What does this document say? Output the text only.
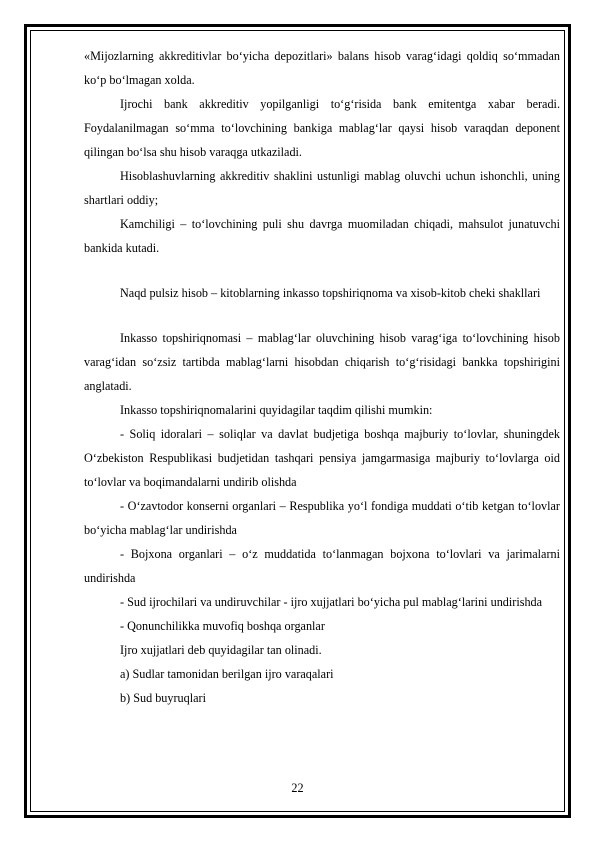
«Mijozlarning akkreditivlar bo‘yicha depozitlari» balans hisob varag‘idagi qoldiq so‘mmadan ko‘p bo‘lmagan xolda.

Ijrochi bank akkreditiv yopilganligi to‘g‘risida bank emitentga xabar beradi. Foydalanilmagan so‘mma to‘lovchining bankiga mablag‘lar qaysi hisob varaqdan deponent qilingan bo‘lsa shu hisob varaqga utkaziladi.

Hisoblashuvlarning akkreditiv shaklini ustunligi mablag oluvchi uchun ishonchli, uning shartlari oddiy;

Kamchiligi – to‘lovchining puli shu davrga muomiladan chiqadi, mahsulot junatuvchi bankida kutadi.

Naqd pulsiz hisob – kitoblarning inkasso topshiriqnoma va xisob-kitob cheki shakllari

Inkasso topshiriqnomasi – mablag‘lar oluvchining hisob varag‘iga to‘lovchining hisob varag‘idan so‘zsiz tartibda mablag‘larni hisobdan chiqarish to‘g‘risidagi bankka topshirigini anglatadi.

Inkasso topshiriqnomalarini quyidagilar taqdim qilishi mumkin:

- Soliq idoralari – soliqlar va davlat budjetiga boshqa majburiy to‘lovlar, shuningdek O‘zbekiston Respublikasi budjetidan tashqari pensiya jamgarmasiga majburiy to‘lovlarga oid to‘lovlar va boqimandalarni undirib olishda

- O‘zavtodor konserni organlari – Respublika yo‘l fondiga muddati o‘tib ketgan to‘lovlar bo‘yicha mablag‘lar undirishda

- Bojxona organlari – o‘z muddatida to‘lanmagan bojxona to‘lovlari va jarimalarni undirishda

- Sud ijrochilari va undiruvchilar - ijro xujjatlari bo‘yicha pul mablag‘larini undirishda

- Qonunchilikka muvofiq boshqa organlar

Ijro xujjatlari deb quyidagilar tan olinadi.

a) Sudlar tamonidan berilgan ijro varaqalari

b) Sud buyruqlari

22
